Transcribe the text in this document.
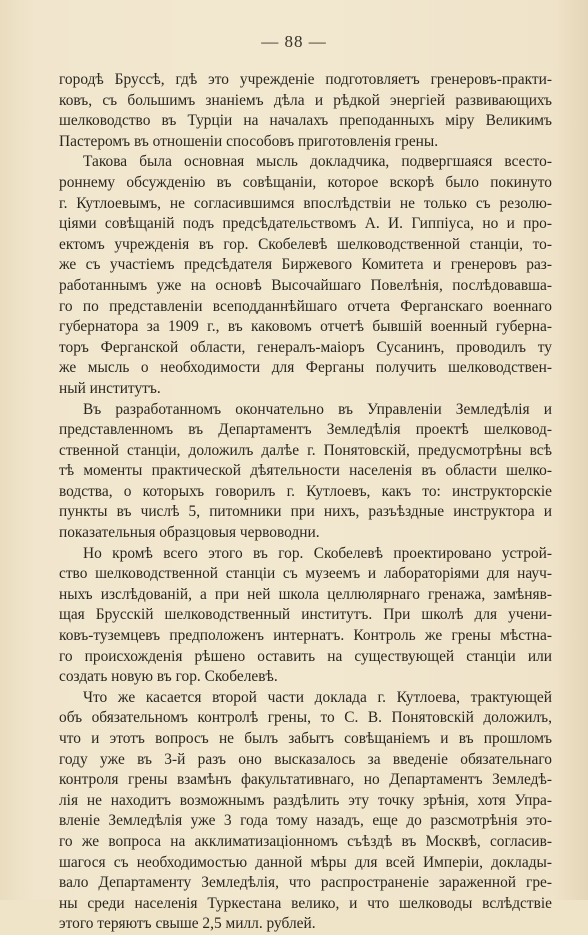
— 88 —
городѣ Бруссѣ, гдѣ это учрежденіе подготовляетъ гренеровъ-практи-
ковъ, съ большимъ знаніемъ дѣла и рѣдкой энергіей развивающихъ
шелководство въ Турціи на началахъ преподанныхъ міру Великимъ
Пастеромъ въ отношеніи способовъ приготовленія грены.
Такова была основная мысль докладчика, подвергшаяся всесто-
роннему обсужденію въ совѣщаніи, которое вскорѣ было покинуто
г. Кутлоевымъ, не согласившимся впослѣдствіи не только съ резолю-
ціями совѣщаній подъ предсѣдательствомъ А. И. Гиппіуса, но и про-
ектомъ учрежденія въ гор. Скобелевѣ шелководственной станціи, то-
же съ участіемъ предсѣдателя Биржевого Комитета и гренеровъ раз-
работаннымъ уже на основѣ Высочайшаго Повелѣнія, послѣдовавша-
го по представленіи всеподданнѣйшаго отчета Ферганскаго военнаго
губернатора за 1909 г., въ каковомъ отчетѣ бывшій военный губерна-
торъ Ферганской области, генералъ-маіоръ Сусанинъ, проводилъ ту
же мысль о необходимости для Ферганы получить шелководствен-
ный институтъ.
Въ разработанномъ окончательно въ Управленіи Земледѣлія и
представленномъ въ Департаментъ Земледѣлія проектѣ шелковод-
ственной станціи, доложилъ далѣе г. Понятовскій, предусмотрѣны всѣ
тѣ моменты практической дѣятельности населенія въ области шелко-
водства, о которыхъ говорилъ г. Кутлоевъ, какъ то: инструкторскіе
пункты въ числѣ 5, питомники при нихъ, разъѣздные инструктора и
показательныя образцовыя червоводни.
Но кромѣ всего этого въ гор. Скобелевѣ проектировано устрой-
ство шелководственной станціи съ музеемъ и лабораторіями для науч-
ныхъ изслѣдованій, а при ней школа целлюлярнаго гренажа, замѣняв-
щая Брусскій шелководственный институтъ. При школѣ для учени-
ковъ-туземцевъ предположенъ интернатъ. Контроль же грены мѣстна-
го происхожденія рѣшено оставить на существующей станціи или
создать новую въ гор. Скобелевѣ.
Что же касается второй части доклада г. Кутлоева, трактующей
объ обязательномъ контролѣ грены, то С. В. Понятовскій доложилъ,
что и этотъ вопросъ не былъ забытъ совѣщаніемъ и въ прошломъ
году уже въ 3-й разъ оно высказалось за введеніе обязательнаго
контроля грены взамѣнъ факультативнаго, но Департаментъ Земледѣ-
лія не находитъ возможнымъ раздѣлить эту точку зрѣнія, хотя Упра-
вленіе Земледѣлія уже 3 года тому назадъ, еще до разсмотрѣнія это-
го же вопроса на акклиматизаціонномъ съѣздѣ въ Москвѣ, согласив-
шагося съ необходимостью данной мѣры для всей Имперіи, доклады-
вало Департаменту Земледѣлія, что распространеніе зараженной гре-
ны среди населенія Туркестана велико, и что шелководы вслѣдствіе
этого теряютъ свыше 2,5 милл. рублей.
